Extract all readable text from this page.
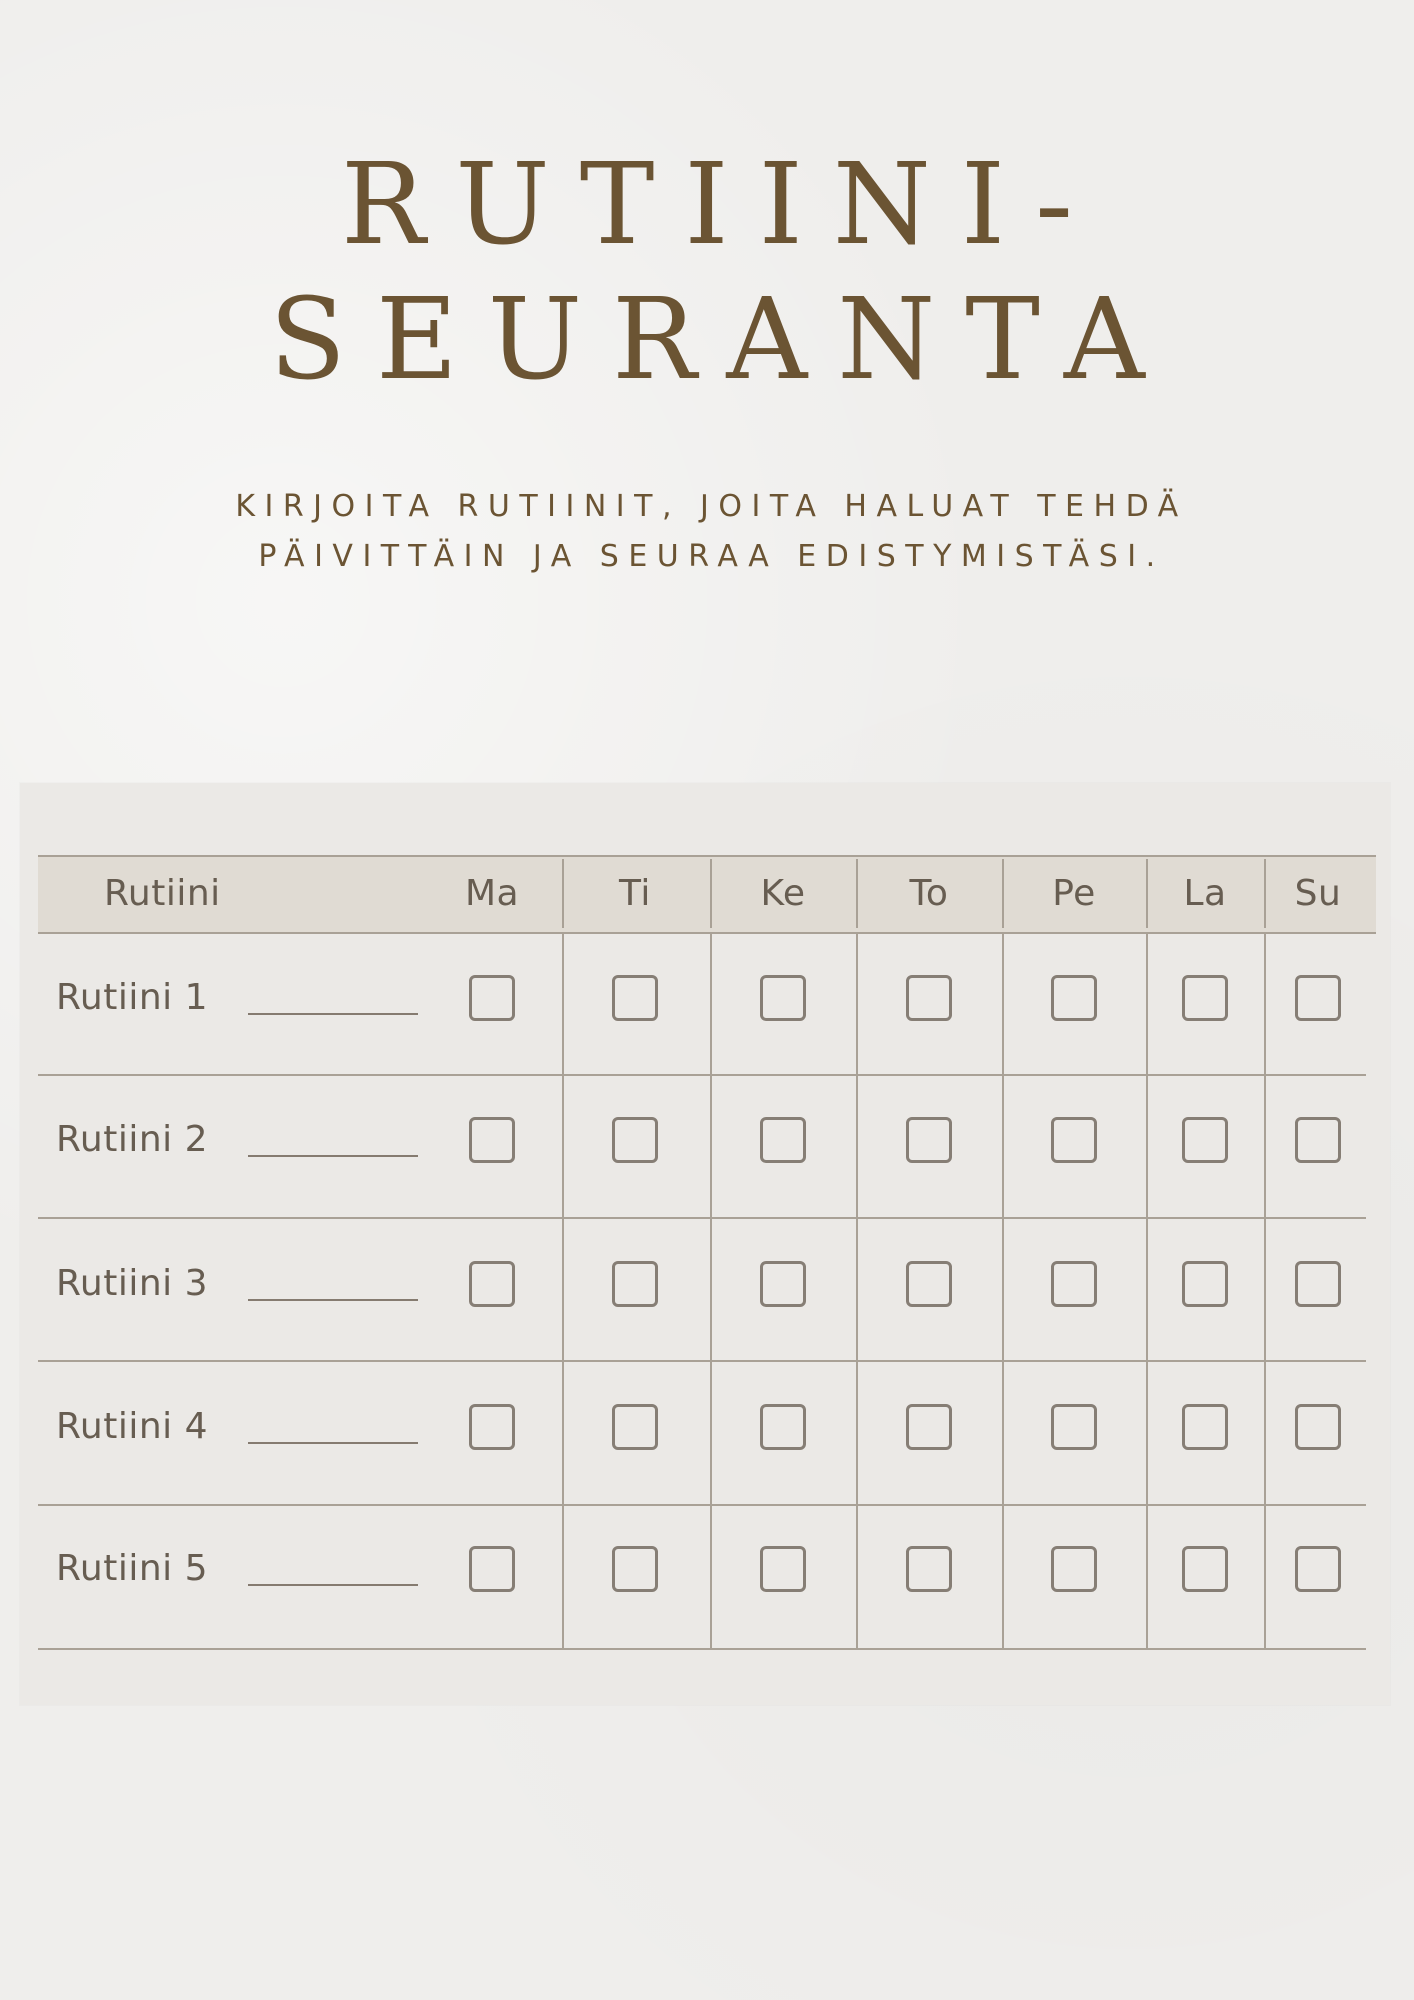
RUTIINI-
SEURANTA
KIRJOITA RUTIINIT, JOITA HALUAT TEHDÄ
PÄIVITTÄIN JA SEURAA EDISTYMISTÄSI.
Rutiini	Ma	Ti	Ke	To	Pe	La	Su
Rutiini 1
Rutiini 2
Rutiini 3
Rutiini 4
Rutiini 5
